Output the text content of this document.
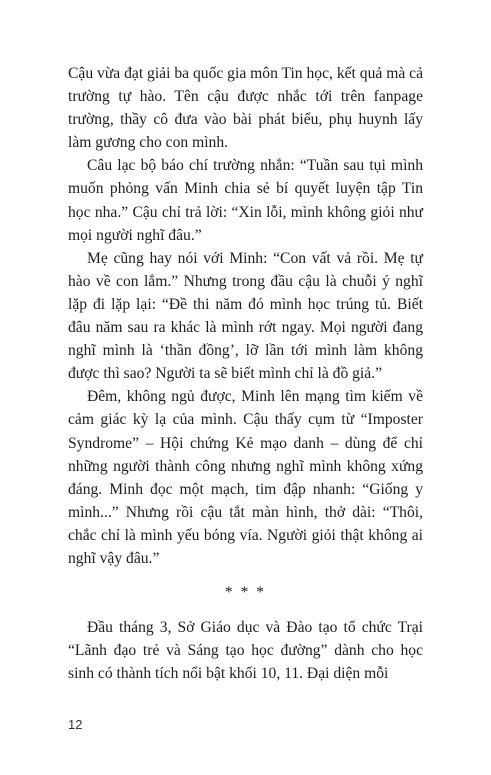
Cậu vừa đạt giải ba quốc gia môn Tin học, kết quả mà cả trường tự hào. Tên cậu được nhắc tới trên fanpage trường, thầy cô đưa vào bài phát biểu, phụ huynh lấy làm gương cho con mình.

Câu lạc bộ báo chí trường nhắn: “Tuần sau tụi mình muốn phỏng vấn Minh chia sẻ bí quyết luyện tập Tin học nha.” Cậu chỉ trả lời: “Xin lỗi, mình không giỏi như mọi người nghĩ đâu.”

Mẹ cũng hay nói với Minh: “Con vất vả rồi. Mẹ tự hào về con lắm.” Nhưng trong đầu cậu là chuỗi ý nghĩ lặp đi lặp lại: “Đề thi năm đó mình học trúng tủ. Biết đâu năm sau ra khác là mình rớt ngay. Mọi người đang nghĩ mình là ‘thần đồng’, lỡ lần tới mình làm không được thì sao? Người ta sẽ biết mình chỉ là đồ giả.”

Đêm, không ngủ được, Minh lên mạng tìm kiếm về cảm giác kỳ lạ của mình. Cậu thấy cụm từ “Imposter Syndrome” – Hội chứng Kẻ mạo danh – dùng để chỉ những người thành công nhưng nghĩ mình không xứng đáng. Minh đọc một mạch, tim đập nhanh: “Giống y mình...” Nhưng rồi cậu tắt màn hình, thở dài: “Thôi, chắc chỉ là mình yếu bóng vía. Người giỏi thật không ai nghĩ vậy đâu.”

* * *

Đầu tháng 3, Sở Giáo dục và Đào tạo tổ chức Trại “Lãnh đạo trẻ và Sáng tạo học đường” dành cho học sinh có thành tích nổi bật khối 10, 11. Đại diện mỗi

12
